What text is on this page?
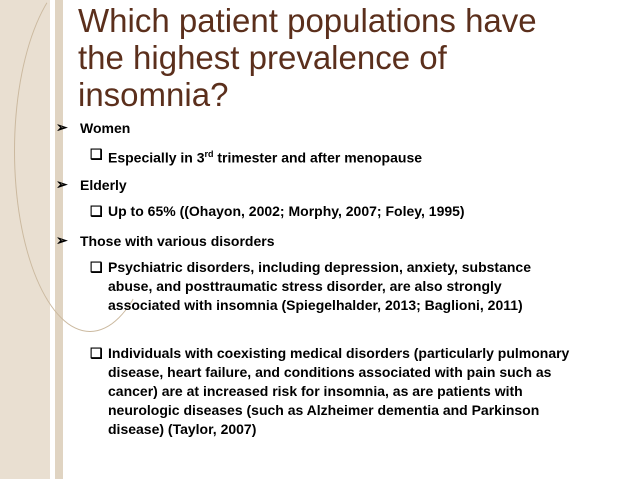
Which patient populations have
the highest prevalence of
insomnia?
➢ Women
❑ Especially in 3rd trimester and after menopause
➢ Elderly
❑ Up to 65% ((Ohayon, 2002; Morphy, 2007; Foley, 1995)
➢ Those with various disorders
❑ Psychiatric disorders, including depression, anxiety, substance abuse, and posttraumatic stress disorder, are also strongly associated with insomnia (Spiegelhalder, 2013; Baglioni, 2011)
❑ Individuals with coexisting medical disorders (particularly pulmonary disease, heart failure, and conditions associated with pain such as cancer) are at increased risk for insomnia, as are patients with neurologic diseases (such as Alzheimer dementia and Parkinson disease) (Taylor, 2007)
